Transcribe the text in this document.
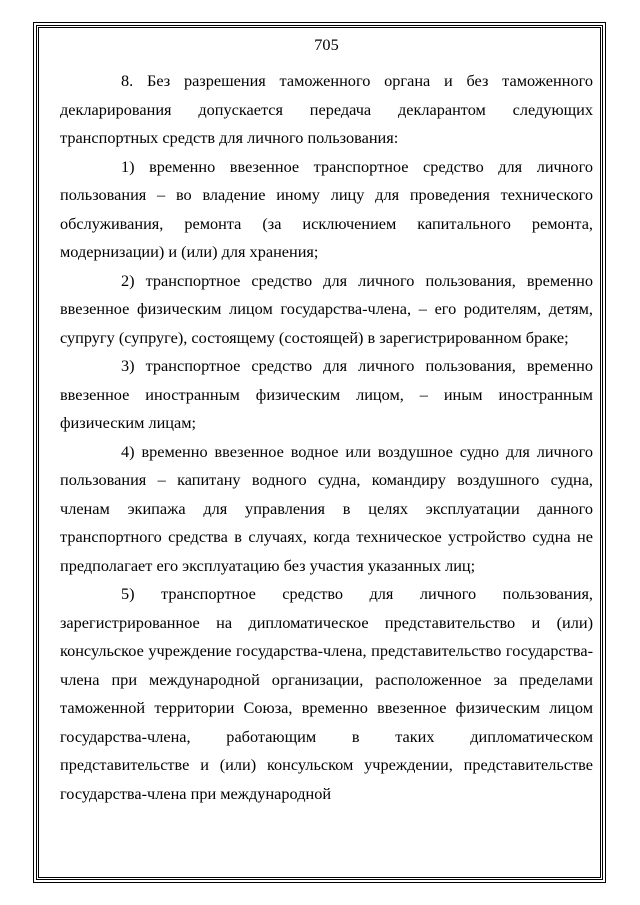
705

8. Без разрешения таможенного органа и без таможенного декларирования допускается передача декларантом следующих транспортных средств для личного пользования:

1) временно ввезенное транспортное средство для личного пользования – во владение иному лицу для проведения технического обслуживания, ремонта (за исключением капитального ремонта, модернизации) и (или) для хранения;

2) транспортное средство для личного пользования, временно ввезенное физическим лицом государства-члена, – его родителям, детям, супругу (супруге), состоящему (состоящей) в зарегистрированном браке;

3) транспортное средство для личного пользования, временно ввезенное иностранным физическим лицом, – иным иностранным физическим лицам;

4) временно ввезенное водное или воздушное судно для личного пользования – капитану водного судна, командиру воздушного судна, членам экипажа для управления в целях эксплуатации данного транспортного средства в случаях, когда техническое устройство судна не предполагает его эксплуатацию без участия указанных лиц;

5) транспортное средство для личного пользования, зарегистрированное на дипломатическое представительство и (или) консульское учреждение государства-члена, представительство государства-члена при международной организации, расположенное за пределами таможенной территории Союза, временно ввезенное физическим лицом государства-члена, работающим в таких дипломатическом представительстве и (или) консульском учреждении, представительстве государства-члена при международной
